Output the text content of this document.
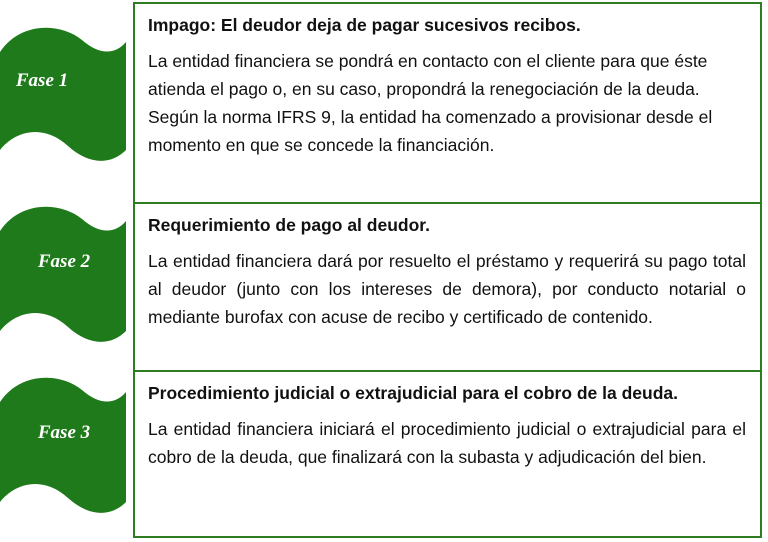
Fase 1

Impago: El deudor deja de pagar sucesivos recibos.

La entidad financiera se pondrá en contacto con el cliente para que éste atienda el pago o, en su caso, propondrá la renegociación de la deuda. Según la norma IFRS 9, la entidad ha comenzado a provisionar desde el momento en que se concede la financiación.

Fase 2

Requerimiento de pago al deudor.

La entidad financiera dará por resuelto el préstamo y requerirá su pago total al deudor (junto con los intereses de demora), por conducto notarial o mediante burofax con acuse de recibo y certificado de contenido.

Fase 3

Procedimiento judicial o extrajudicial para el cobro de la deuda.

La entidad financiera iniciará el procedimiento judicial o extrajudicial para el cobro de la deuda, que finalizará con la subasta y adjudicación del bien.
